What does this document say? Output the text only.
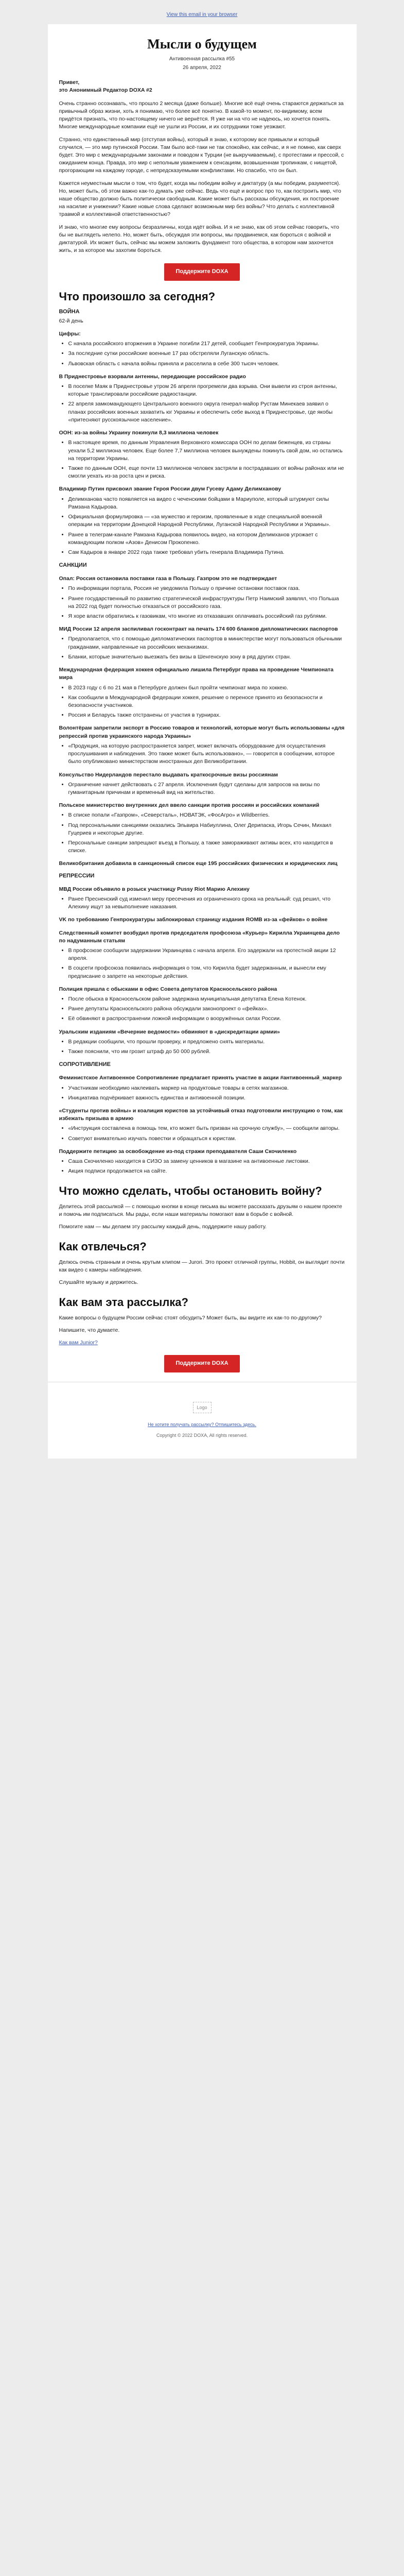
View this email in your browser
Мысли о будущем
Антивоенная рассылка #55
26 апреля, 2022

Привет,
это Анонимный Редактор DOXA #2

Очень странно осознавать, что прошло 2 месяца (даже больше). Многие всё ещё очень стараются держаться за привычный образ жизни, хоть я понимаю, что более всё понятно. В какой-то момент, по-видимому, всем придётся признать, что по-настоящему ничего не вернётся. Я уже ни на что не надеюсь, но хочется понять. Многие международные компании ещё не ушли из России, и их сотрудники тоже уезжают.

Странно, что единственный мир (отступая войны), который я знаю, к которому все привыкли и который случился, — это мир путинской России. Там было всё-таки не так спокойно, как сейчас, и я не помню, как сверх будет. Это мир с международными законами и поводом к Турции (не выкручиваемым), с протестами и прессой, с ожиданием конца. Правда, это мир с неполным уважением к сенсациям, возвышеннам тропинкам, с нищетой, прогорающим на каждому городе, с непредсказуемыми конфликтами. Но спасибо, что он был.

Кажется неуместным мысли о том, что будет, когда мы победим войну и диктатуру (а мы победим, разумеется). Но, может быть, об этом важно как-то думать уже сейчас. Ведь что ещё и вопрос про то, как построить мир, что наше общество должно быть политически свободным. Какие может быть рассказы обсуждения, их построение на насилие и унижении? Какие новые слова сделают возможным мир без войны? Что делать с коллективной травмой и коллективной ответственностью?

И знаю, что многие ему вопросы безразличны, когда идёт война. И я не знаю, как об этом сейчас говорить, что бы не выглядеть нелепо. Но, может быть, обсуждая эти вопросы, мы продвинемся, как бороться с войной и диктатурой. Их может быть, сейчас мы можем заложить фундамент того общества, в котором нам захочется жить, и за которое мы захотим бороться.

Поддержите DOXA
Что произошло за сегодня?
ВОЙНА
62-й день
Цифры:
• С начала российского вторжения в Украине погибли 217 детей, сообщает Генпрокуратура Украины.
• За последние сутки российские военные 17 раз обстреляли Луганскую область.
• Львовская область с начала войны приняла и расселила в себе 300 тысяч человек.
В Приднестровье взорвали антенны, передающие российское радио
• В поселке Маяк в Приднестровье утром 26 апреля прогремели два взрыва. Они вывели из строя антенны, которые транслировали российские радиостанции.
• 22 апреля замкомандующего Центрального военного округа генерал-майор Рустам Минекаев заявил о планах российских военных захватить юг Украины и обеспечить себе выход в Приднестровье, где якобы «притесняют русскоязычное население».
ООН: из-за войны Украину покинули 8,3 миллиона человек
• В настоящее время, по данным Управления Верховного комиссара ООН по делам беженцев, из страны уехали 5,2 миллиона человек. Еще более 7,7 миллиона человек вынуждены покинуть свой дом, но остались на территории Украины.
• Также по данным ООН, еще почти 13 миллионов человек застряли в пострадавших от войны районах или не смогли уехать из-за роста цен и риска.
Владимир Путин присвоил звание Героя России двум Гусеву Адаму Делимханову
• Делимханова часто появляется на видео с чеченскими бойцами в Мариуполе, который штурмуют силы Рамзана Кадырова.
• Официальная формулировка — «за мужество и героизм, проявленные в ходе специальной военной операции на территории Донецкой Народной Республики, Луганской Народной Республики и Украины».
• Ранее в телеграм-канале Рамзана Кадырова появилось видео, на котором Делимханов угрожает с командующим полком «Азов» Денисом Прокопенко.
• Сам Кадыров в январе 2022 года также требовал убить генерала Владимира Путина.
САНКЦИИ
Опал: Россия остановила поставки газа в Польшу. Газпром это не подтверждает
• По информации портала, Россия не уведомила Польшу о причине остановки поставок газа.
• Ранее государственный по развитию стратегической инфраструктуры Петр Наимский заявлял, что Польша на 2022 год будет полностью отказаться от российского газа.
• Я хоре власти обратились к газовикам, что многие из отказавших оплачивать российский газ рублями.
МИД России 12 апреля заспиливал госконтракт на печать 174 600 бланков дипломатических паспортов
• Предполагается, что с помощью дипломатических паспортов в министерстве могут пользоваться обычными гражданами, направленные на российских механизмах.
• Бланки, которые значительно выезжать без визы в Шенгенскую зону в ряд других стран.
Международная федерация хоккея официально лишила Петербург права на проведение Чемпионата мира
• В 2023 году с 6 по 21 мая в Петербурге должен был пройти чемпионат мира по хоккею.
• Как сообщили в Международной федерации хоккея, решение о переносе принято из безопасности и безопасности участников.
• Россия и Беларусь также отстранены от участия в турнирах.
Волонтёрам запретили экспорт в Россию товаров и технологий, которые могут быть использованы «для репрессий против украинского народа Украины»
• «Продукция, на которую распространяется запрет, может включать оборудование для осуществления прослушивания и наблюдения. Это также может быть использовано», — говорится в сообщении, которое было опубликовано министерством иностранных дел Великобритании.
Консульство Нидерландов перестало выдавать краткосрочные визы россиянам
• Ограничение начнет действовать с 27 апреля. Исключения будут сделаны для запросов на визы по гуманитарным причинам и временный вид на жительство.
Польское министерство внутренних дел ввело санкции против россиян и российских компаний
• В списке попали «Газпром», «Северсталь», НОВАТЭК, «ФосАгро» и Wildberries.
• Под персональными санкциями оказались Эльвира Набиуллина, Олег Дерипаска, Игорь Сечин, Михаил Гуцериев и некоторые другие.
• Персональные санкции запрещают въезд в Польшу, а также замораживают активы всех, кто находится в списке.
Великобритания добавила в санкционный список еще 195 российских физических и юридических лиц
РЕПРЕССИИ
МВД России объявило в розыск участницу Pussy Riot Марию Алехину
• Ранее Пресненский суд изменил меру пресечения из ограниченного срока на реальный: суд решил, что Алехину ищут за невыполнение наказания.
VK по требованию Генпрокуратуры заблокировал страницу издания ROMB из-за «фейков» о войне
Следственный комитет возбудил против председателя профсоюза «Курьер» Кирилла Украинцева дело по надуманным статьям
• В профсоюзе сообщили задержании Украинцева с начала апреля. Его задержали на протестной акции 12 апреля.
• В соцсети профсоюза появилась информация о том, что Кирилла будет задержанным, и вынесли ему предписание о запрете на некоторые действия.
Полиция пришла с обысками в офис Совета депутатов Красносельского района
• После обыска в Красносельском районе задержана муниципальная депутатка Елена Котенок.
• Ранее депутаты Красносельского района обсуждали законопроект о «фейках».
• Её обвиняют в распространении ложной информации о вооружённых силах России.
Уральским изданиям «Вечерние ведомости» обвиняют в «дискредитации армии»
• В редакции сообщили, что прошли проверку, и предложено снять материалы.
• Также пояснили, что им грозит штраф до 50 000 рублей.
СОПРОТИВЛЕНИЕ
Феминистское Антивоенное Сопротивление предлагает принять участие в акции #антивоенный_маркер
• Участникам необходимо наклеивать маркер на продуктовые товары в сетях магазинов.
• Инициатива подчёркивает важность единства и антивоенной позиции.
«Студенты против войны» и коалиция юристов за устойчивый отказ подготовили инструкцию о том, как избежать призыва в армию
• «Инструкция составлена в помощь тем, кто может быть призван на срочную службу», — сообщили авторы.
• Советуют внимательно изучать повестки и обращаться к юристам.
Поддержите петицию за освобождение из-под стражи преподавателя Саши Скочиленко
• Саша Скочиленко находится в СИЗО за замену ценников в магазине на антивоенные листовки.
• Акция подписи продолжается на сайте.
Что можно сделать, чтобы остановить войну?

Делитесь этой рассылкой — с помощью кнопки в конце письма вы можете рассказать друзьям о нашем проекте и помочь им подписаться. Мы рады, если наши материалы помогают вам в борьбе с войной.

Помогите нам — мы делаем эту рассылку каждый день, поддержите нашу работу.

Как отвлечься?

Делюсь очень странным и очень крутым клипом — Jurori. Это проект отличной группы, Hobbit, он выглядит почти как видео с камеры наблюдения.

Слушайте музыку и держитесь.

Как вам эта рассылка?

Какие вопросы о будущем России сейчас стоят обсудить? Может быть, вы видите их как-то по-другому?

Напишите, что думаете.

Как вам Junior?

Поддержите DOXA
Logo
Не хотите получать рассылку? Отпишитесь здесь.
Copyright © 2022 DOXA, All rights reserved.
